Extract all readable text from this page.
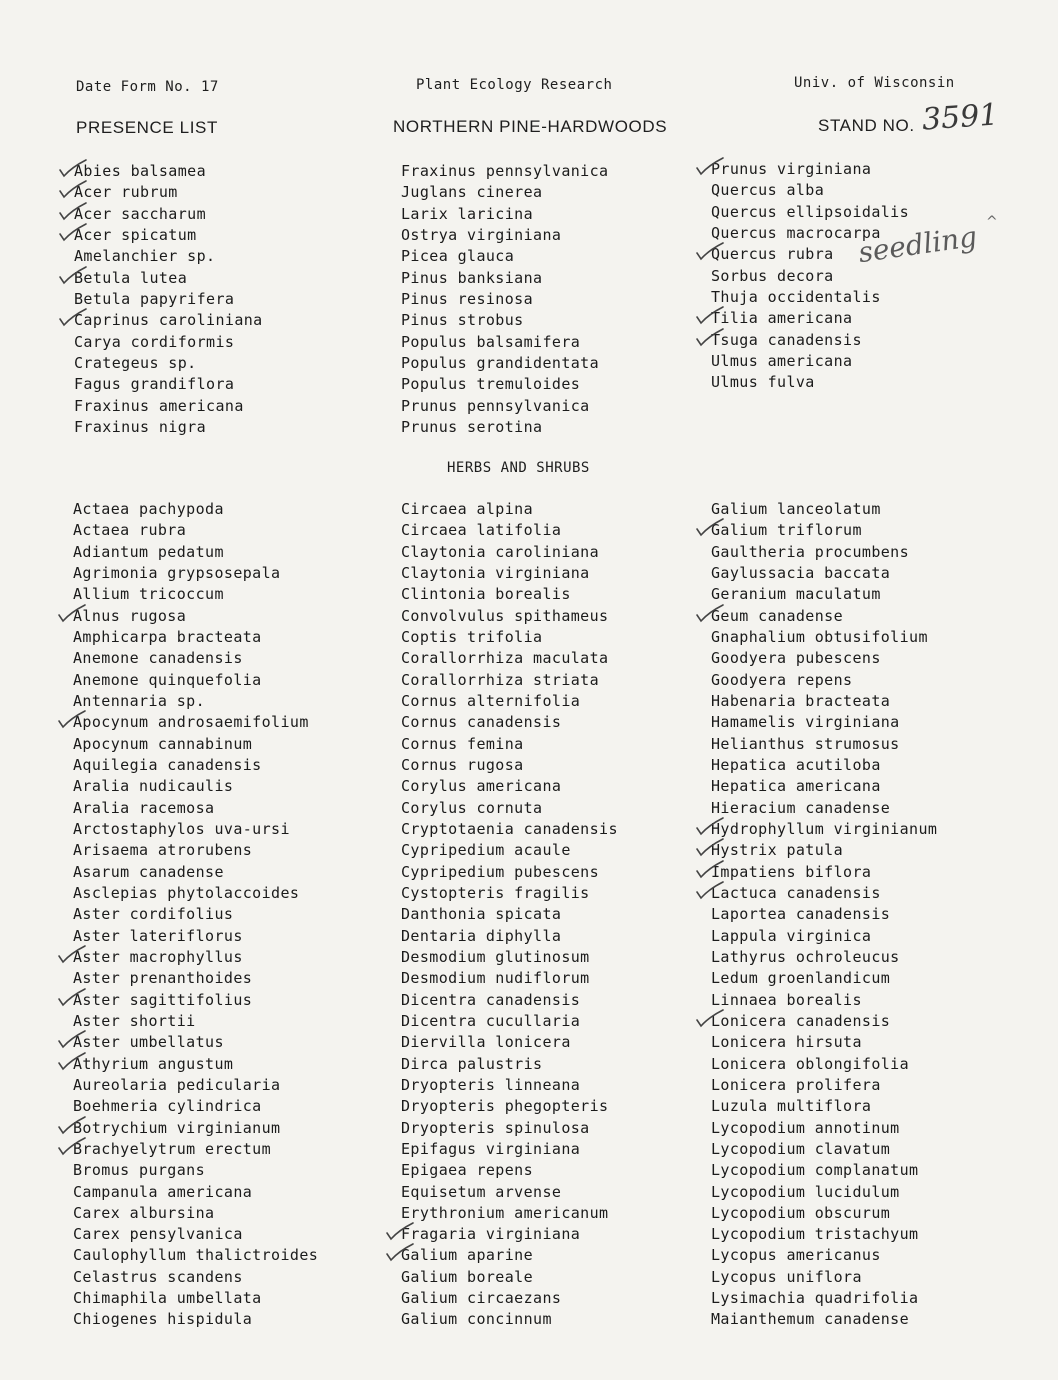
Date Form No. 17	Plant Ecology Research	Univ. of Wisconsin
PRESENCE LIST	NORTHERN PINE-HARDWOODS	STAND NO. 3591
Abies balsamea
Acer rubrum
Acer saccharum
Acer spicatum
Amelanchier sp.
Betula lutea
Betula papyrifera
Caprinus caroliniana
Carya cordiformis
Crategeus sp.
Fagus grandiflora
Fraxinus americana
Fraxinus nigra
Fraxinus pennsylvanica
Juglans cinerea
Larix laricina
Ostrya virginiana
Picea glauca
Pinus banksiana
Pinus resinosa
Pinus strobus
Populus balsamifera
Populus grandidentata
Populus tremuloides
Prunus pennsylvanica
Prunus serotina
Prunus virginiana
Quercus alba
Quercus ellipsoidalis
Quercus macrocarpa
Quercus rubra
Sorbus decora
Thuja occidentalis
Tilia americana
Tsuga canadensis
Ulmus americana
Ulmus fulva
seedling ^
HERBS AND SHRUBS
Actaea pachypoda
Actaea rubra
Adiantum pedatum
Agrimonia grypsosepala
Allium tricoccum
Alnus rugosa
Amphicarpa bracteata
Anemone canadensis
Anemone quinquefolia
Antennaria sp.
Apocynum androsaemifolium
Apocynum cannabinum
Aquilegia canadensis
Aralia nudicaulis
Aralia racemosa
Arctostaphylos uva-ursi
Arisaema atrorubens
Asarum canadense
Asclepias phytolaccoides
Aster cordifolius
Aster lateriflorus
Aster macrophyllus
Aster prenanthoides
Aster sagittifolius
Aster shortii
Aster umbellatus
Athyrium angustum
Aureolaria pedicularia
Boehmeria cylindrica
Botrychium virginianum
Brachyelytrum erectum
Bromus purgans
Campanula americana
Carex albursina
Carex pensylvanica
Caulophyllum thalictroides
Celastrus scandens
Chimaphila umbellata
Chiogenes hispidula
Circaea alpina
Circaea latifolia
Claytonia caroliniana
Claytonia virginiana
Clintonia borealis
Convolvulus spithameus
Coptis trifolia
Corallorrhiza maculata
Corallorrhiza striata
Cornus alternifolia
Cornus canadensis
Cornus femina
Cornus rugosa
Corylus americana
Corylus cornuta
Cryptotaenia canadensis
Cypripedium acaule
Cypripedium pubescens
Cystopteris fragilis
Danthonia spicata
Dentaria diphylla
Desmodium glutinosum
Desmodium nudiflorum
Dicentra canadensis
Dicentra cucullaria
Diervilla lonicera
Dirca palustris
Dryopteris linneana
Dryopteris phegopteris
Dryopteris spinulosa
Epifagus virginiana
Epigaea repens
Equisetum arvense
Erythronium americanum
Fragaria virginiana
Galium aparine
Galium boreale
Galium circaezans
Galium concinnum
Galium lanceolatum
Galium triflorum
Gaultheria procumbens
Gaylussacia baccata
Geranium maculatum
Geum canadense
Gnaphalium obtusifolium
Goodyera pubescens
Goodyera repens
Habenaria bracteata
Hamamelis virginiana
Helianthus strumosus
Hepatica acutiloba
Hepatica americana
Hieracium canadense
Hydrophyllum virginianum
Hystrix patula
Impatiens biflora
Lactuca canadensis
Laportea canadensis
Lappula virginica
Lathyrus ochroleucus
Ledum groenlandicum
Linnaea borealis
Lonicera canadensis
Lonicera hirsuta
Lonicera oblongifolia
Lonicera prolifera
Luzula multiflora
Lycopodium annotinum
Lycopodium clavatum
Lycopodium complanatum
Lycopodium lucidulum
Lycopodium obscurum
Lycopodium tristachyum
Lycopus americanus
Lycopus uniflora
Lysimachia quadrifolia
Maianthemum canadense
